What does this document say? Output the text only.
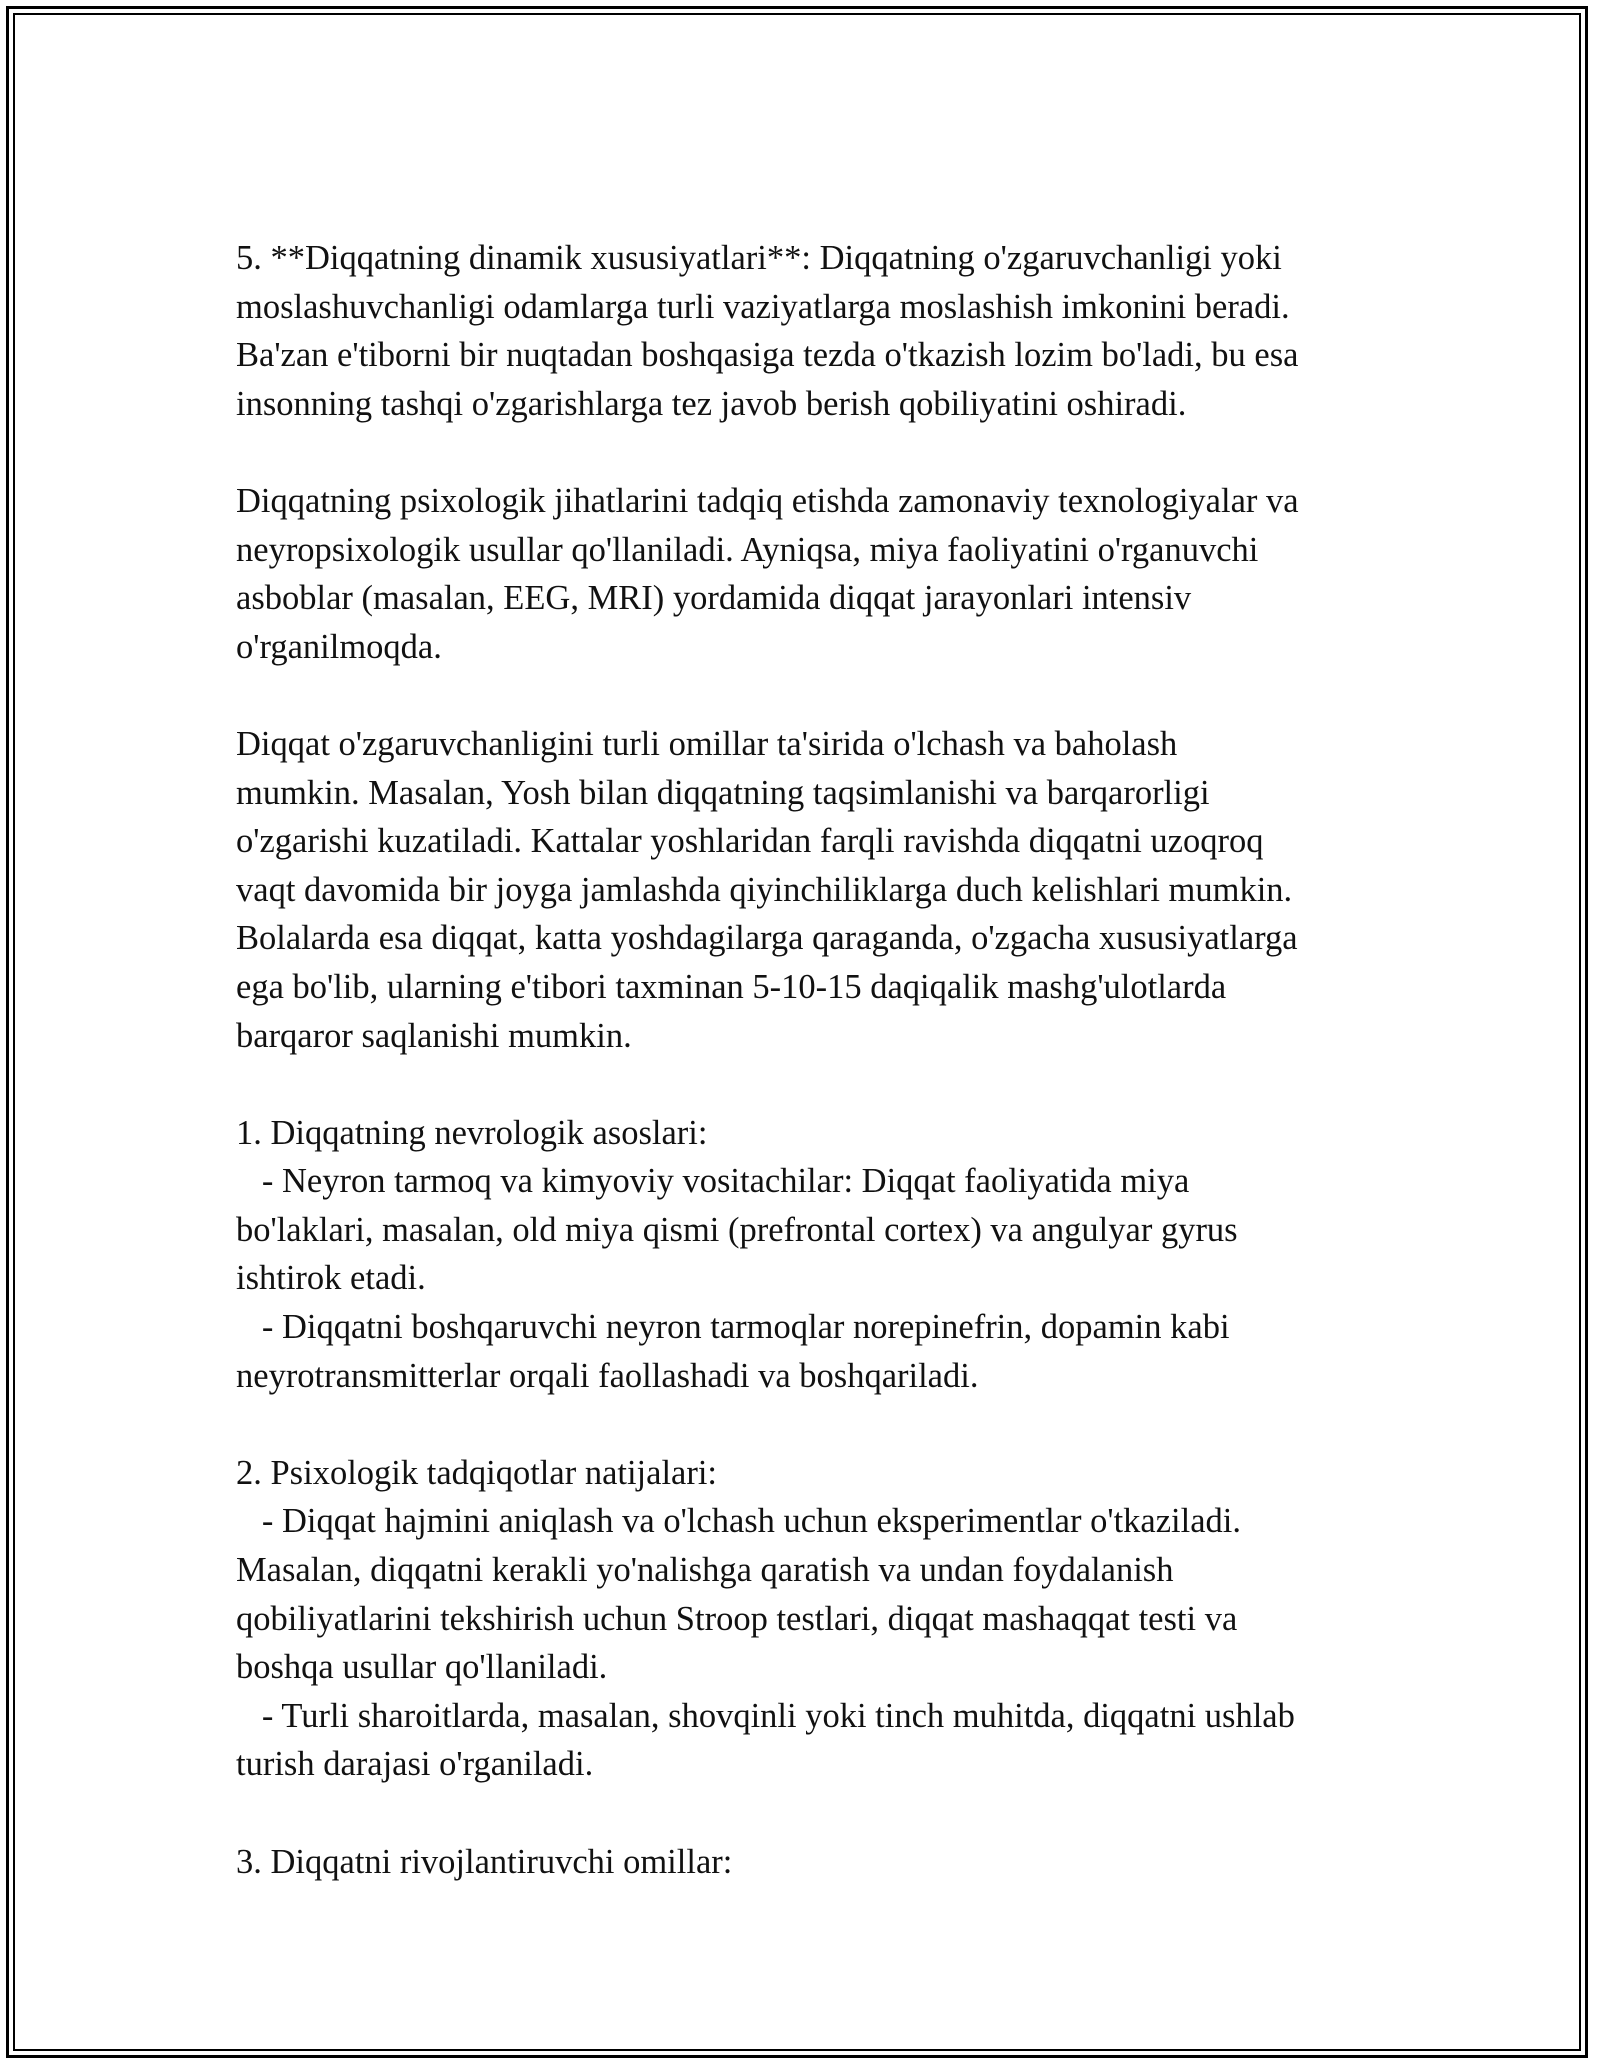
5. **Diqqatning dinamik xususiyatlari**: Diqqatning o'zgaruvchanligi yoki
moslashuvchanligi odamlarga turli vaziyatlarga moslashish imkonini beradi.
Ba'zan e'tiborni bir nuqtadan boshqasiga tezda o'tkazish lozim bo'ladi, bu esa
insonning tashqi o'zgarishlarga tez javob berish qobiliyatini oshiradi.
Diqqatning psixologik jihatlarini tadqiq etishda zamonaviy texnologiyalar va
neyropsixologik usullar qo'llaniladi. Ayniqsa, miya faoliyatini o'rganuvchi
asboblar (masalan, EEG, MRI) yordamida diqqat jarayonlari intensiv
o'rganilmoqda.
Diqqat o'zgaruvchanligini turli omillar ta'sirida o'lchash va baholash
mumkin. Masalan, Yosh bilan diqqatning taqsimlanishi va barqarorligi
o'zgarishi kuzatiladi. Kattalar yoshlaridan farqli ravishda diqqatni uzoqroq
vaqt davomida bir joyga jamlashda qiyinchiliklarga duch kelishlari mumkin.
Bolalarda esa diqqat, katta yoshdagilarga qaraganda, o'zgacha xususiyatlarga
ega bo'lib, ularning e'tibori taxminan 5-10-15 daqiqalik mashg'ulotlarda
barqaror saqlanishi mumkin.
1. Diqqatning nevrologik asoslari:
- Neyron tarmoq va kimyoviy vositachilar: Diqqat faoliyatida miya
bo'laklari, masalan, old miya qismi (prefrontal cortex) va angulyar gyrus
ishtirok etadi.
- Diqqatni boshqaruvchi neyron tarmoqlar norepinefrin, dopamin kabi
neyrotransmitterlar orqali faollashadi va boshqariladi.
2. Psixologik tadqiqotlar natijalari:
- Diqqat hajmini aniqlash va o'lchash uchun eksperimentlar o'tkaziladi.
Masalan, diqqatni kerakli yo'nalishga qaratish va undan foydalanish
qobiliyatlarini tekshirish uchun Stroop testlari, diqqat mashaqqat testi va
boshqa usullar qo'llaniladi.
- Turli sharoitlarda, masalan, shovqinli yoki tinch muhitda, diqqatni ushlab
turish darajasi o'rganiladi.
3. Diqqatni rivojlantiruvchi omillar:
